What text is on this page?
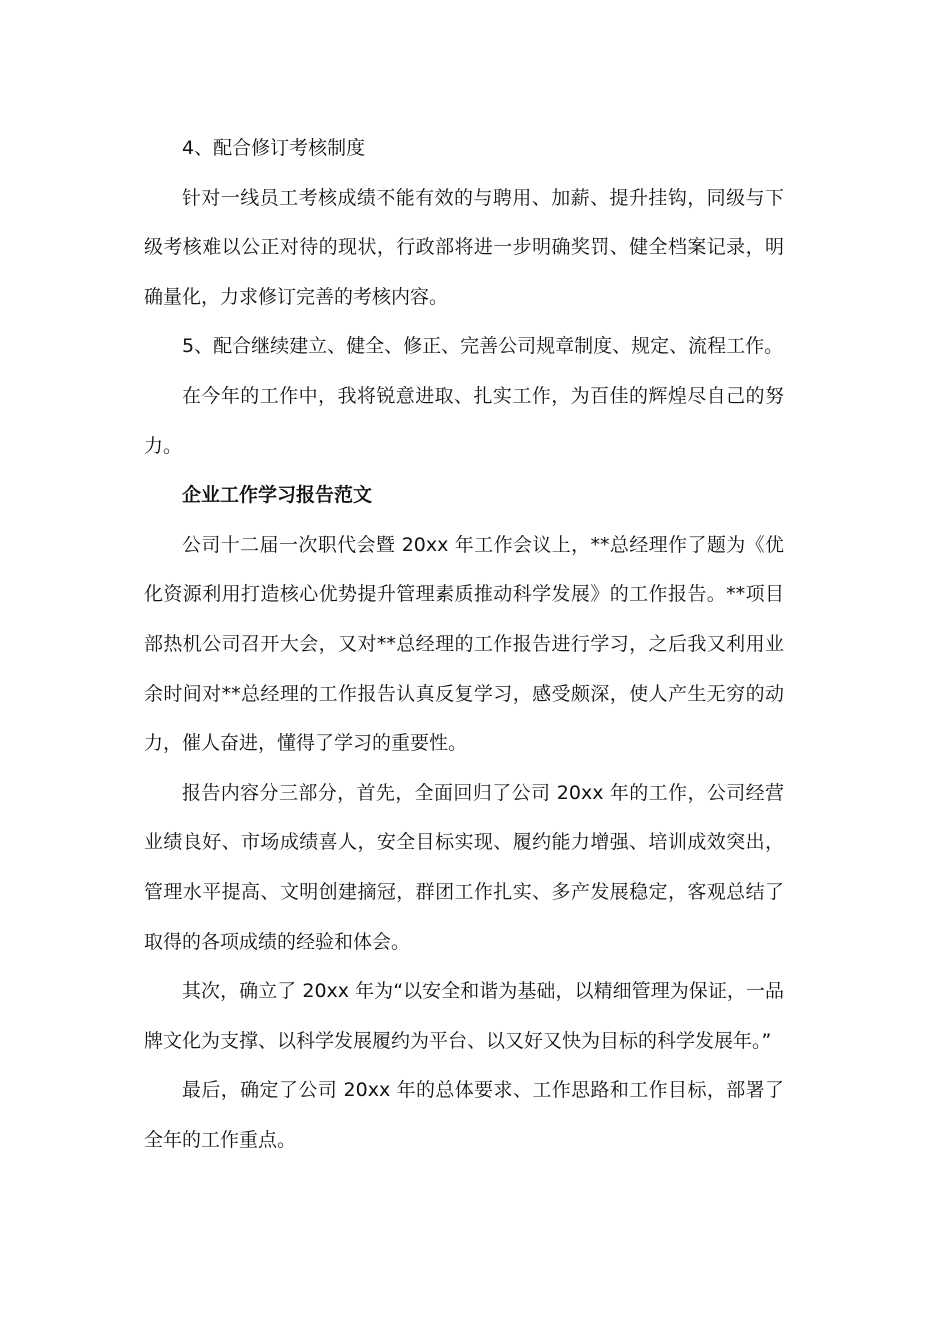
4、配合修订考核制度

针对一线员工考核成绩不能有效的与聘用、加薪、提升挂钩，同级与下级考核难以公正对待的现状，行政部将进一步明确奖罚、健全档案记录，明确量化，力求修订完善的考核内容。

5、配合继续建立、健全、修正、完善公司规章制度、规定、流程工作。

在今年的工作中，我将锐意进取、扎实工作，为百佳的辉煌尽自己的努力。

企业工作学习报告范文

公司十二届一次职代会暨 20xx 年工作会议上，**总经理作了题为《优化资源利用打造核心优势提升管理素质推动科学发展》的工作报告。**项目部热机公司召开大会，又对**总经理的工作报告进行学习，之后我又利用业余时间对**总经理的工作报告认真反复学习，感受颇深，使人产生无穷的动力，催人奋进，懂得了学习的重要性。

报告内容分三部分，首先，全面回归了公司 20xx 年的工作，公司经营业绩良好、市场成绩喜人，安全目标实现、履约能力增强、培训成效突出，管理水平提高、文明创建摘冠，群团工作扎实、多产发展稳定，客观总结了取得的各项成绩的经验和体会。

其次，确立了 20xx 年为“以安全和谐为基础，以精细管理为保证，一品牌文化为支撑、以科学发展履约为平台、以又好又快为目标的科学发展年。”

最后，确定了公司 20xx 年的总体要求、工作思路和工作目标，部署了全年的工作重点。
